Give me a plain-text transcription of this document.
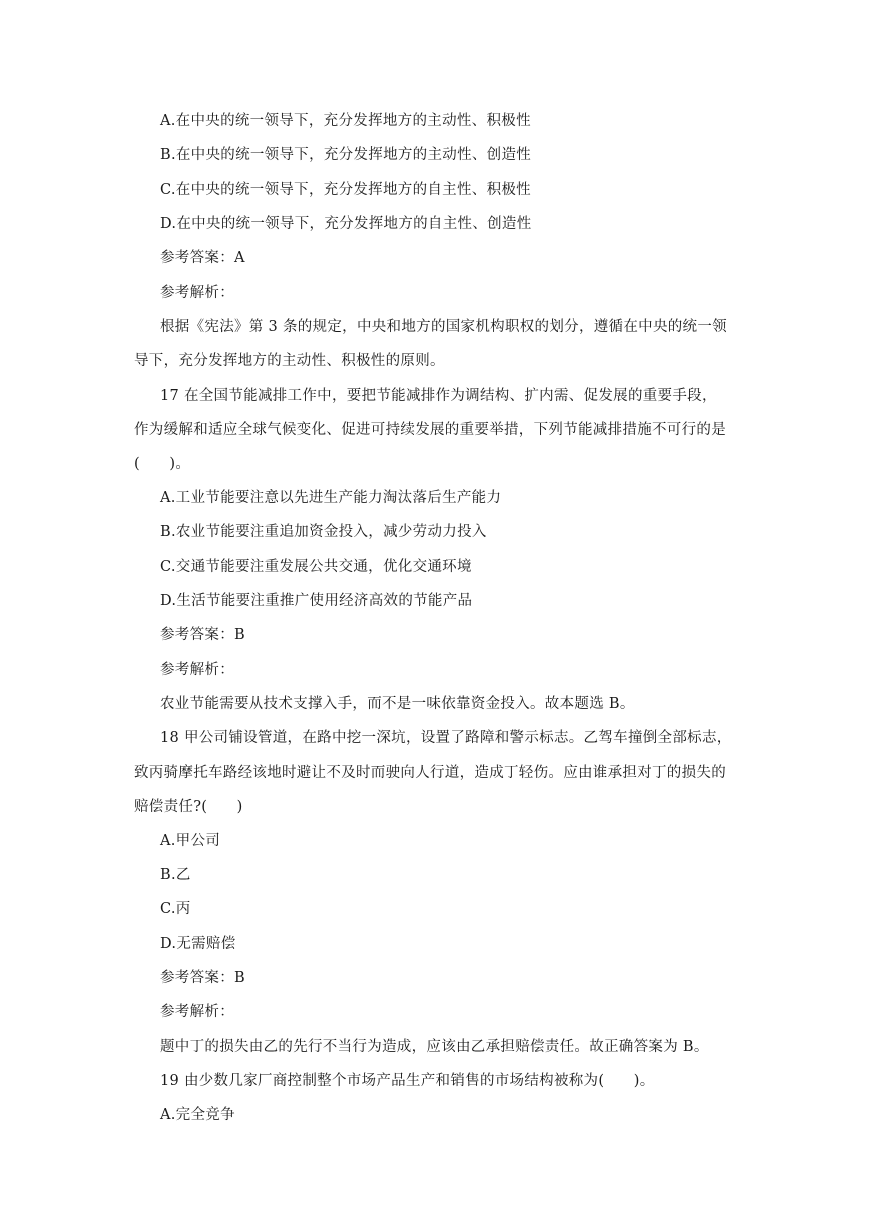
A.在中央的统一领导下，充分发挥地方的主动性、积极性
B.在中央的统一领导下，充分发挥地方的主动性、创造性
C.在中央的统一领导下，充分发挥地方的自主性、积极性
D.在中央的统一领导下，充分发挥地方的自主性、创造性
参考答案：A
参考解析：
根据《宪法》第 3 条的规定，中央和地方的国家机构职权的划分，遵循在中央的统一领
导下，充分发挥地方的主动性、积极性的原则。
17 在全国节能减排工作中，要把节能减排作为调结构、扩内需、促发展的重要手段，
作为缓解和适应全球气候变化、促进可持续发展的重要举措，下列节能减排措施不可行的是
(      )。
A.工业节能要注意以先进生产能力淘汰落后生产能力
B.农业节能要注重追加资金投入，减少劳动力投入
C.交通节能要注重发展公共交通，优化交通环境
D.生活节能要注重推广使用经济高效的节能产品
参考答案：B
参考解析：
农业节能需要从技术支撑入手，而不是一味依靠资金投入。故本题选 B。
18 甲公司铺设管道，在路中挖一深坑，设置了路障和警示标志。乙驾车撞倒全部标志，
致丙骑摩托车路经该地时避让不及时而驶向人行道，造成丁轻伤。应由谁承担对丁的损失的
赔偿责任?(      )
A.甲公司
B.乙
C.丙
D.无需赔偿
参考答案：B
参考解析：
题中丁的损失由乙的先行不当行为造成，应该由乙承担赔偿责任。故正确答案为 B。
19 由少数几家厂商控制整个市场产品生产和销售的市场结构被称为(      )。
A.完全竞争
